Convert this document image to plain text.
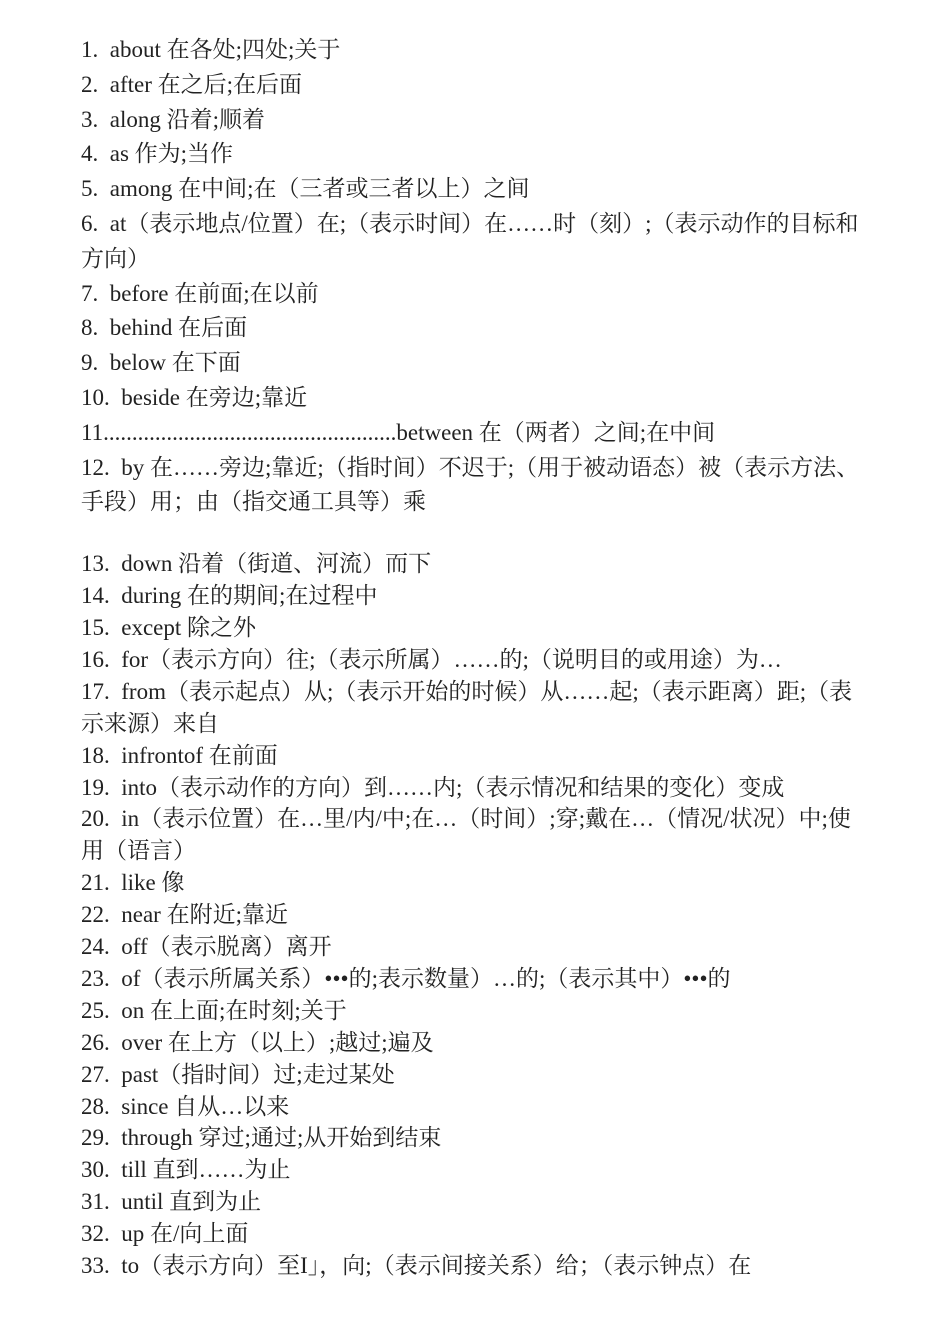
1.  about 在各处;四处;关于
2.  after 在之后;在后面
3.  along 沿着;顺着
4.  as 作为;当作
5.  among 在中间;在（三者或三者以上）之间
6.  at（表示地点/位置）在;（表示时间）在……时（刻）;（表示动作的目标和方向）
7.  before 在前面;在以前
8.  behind 在后面
9.  below 在下面
10.  beside 在旁边;靠近
11...................................................between 在（两者）之间;在中间
12.  by 在……旁边;靠近;（指时间）不迟于;（用于被动语态）被（表示方法、手段）用；由（指交通工具等）乘
13.  down 沿着（街道、河流）而下
14.  during 在的期间;在过程中
15.  except 除之外
16.  for（表示方向）往;（表示所属）……的;（说明目的或用途）为…
17.  from（表示起点）从;（表示开始的时候）从……起;（表示距离）距;（表示来源）来自
18.  infrontof 在前面
19.  into（表示动作的方向）到……内;（表示情况和结果的变化）变成
20.  in（表示位置）在…里/内/中;在…（时间）;穿;戴在…（情况/状况）中;使用（语言）
21.  like 像
22.  near 在附近;靠近
24.  off（表示脱离）离开
23.  of（表示所属关系）•••的;表示数量）…的;（表示其中）•••的
25.  on 在上面;在时刻;关于
26.  over 在上方（以上）;越过;遍及
27.  past（指时间）过;走过某处
28.  since 自从…以来
29.  through 穿过;通过;从开始到结束
30.  till 直到……为止
31.  until 直到为止
32.  up 在/向上面
33.  to（表示方向）至I」，向;（表示间接关系）给；（表示钟点）在
